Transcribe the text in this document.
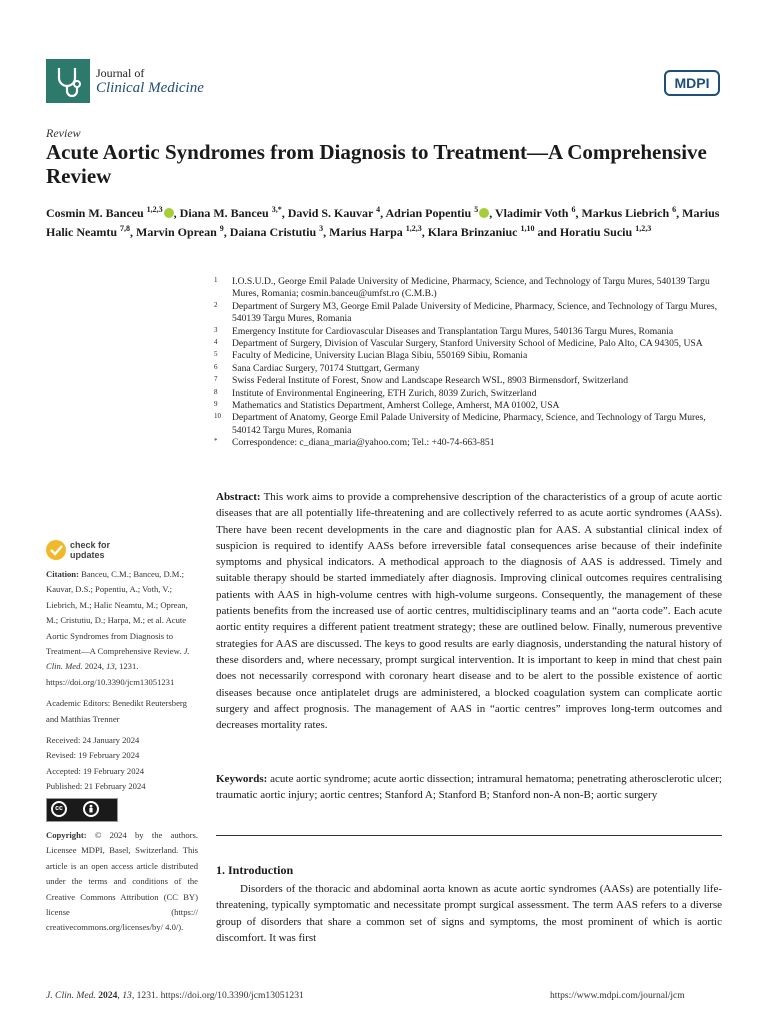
Journal of
Clinical Medicine	MDPI
Review
Acute Aortic Syndromes from Diagnosis to Treatment—A Comprehensive Review
Cosmin M. Banceu $^{1,2,3}$ , Diana M. Banceu $^{3,*}$, David S. Kauvar $^4$, Adrian Popentiu $^5$ , Vladimir Voth $^6$, Markus Liebrich $^6$, Marius Halic Neamtu $^{7,8}$, Marvin Oprean $^9$, Daiana Cristutiu $^3$, Marius Harpa $^{1,2,3}$, Klara Brinzaniuc $^{1,10}$ and Horatiu Suciu $^{1,2,3}$
1 I.O.S.U.D., George Emil Palade University of Medicine, Pharmacy, Science, and Technology of Targu Mures, 540139 Targu Mures, Romania; cosmin.banceu@umfst.ro (C.M.B.)
2 Department of Surgery M3, George Emil Palade University of Medicine, Pharmacy, Science, and Technology of Targu Mures, 540139 Targu Mures, Romania
3 Emergency Institute for Cardiovascular Diseases and Transplantation Targu Mures, 540136 Targu Mures, Romania
4 Department of Surgery, Division of Vascular Surgery, Stanford University School of Medicine, Palo Alto, CA 94305, USA
5 Faculty of Medicine, University Lucian Blaga Sibiu, 550169 Sibiu, Romania
6 Sana Cardiac Surgery, 70174 Stuttgart, Germany
7 Swiss Federal Institute of Forest, Snow and Landscape Research WSL, 8903 Birmensdorf, Switzerland
8 Institute of Environmental Engineering, ETH Zurich, 8039 Zurich, Switzerland
9 Mathematics and Statistics Department, Amherst College, Amherst, MA 01002, USA
10 Department of Anatomy, George Emil Palade University of Medicine, Pharmacy, Science, and Technology of Targu Mures, 540142 Targu Mures, Romania
* Correspondence: c_diana_maria@yahoo.com; Tel.: +40-74-663-851
check for
updates
Citation: Banceu, C.M.; Banceu, D.M.; Kauvar, D.S.; Popentiu, A.; Voth, V.; Liebrich, M.; Halic Neamtu, M.; Oprean, M.; Cristutiu, D.; Harpa, M.; et al. Acute Aortic Syndromes from Diagnosis to Treatment—A Comprehensive Review. J. Clin. Med. 2024, 13, 1231. https://doi.org/10.3390/jcm13051231
Academic Editors: Benedikt Reutersberg and Matthias Trenner
Received: 24 January 2024
Revised: 19 February 2024
Accepted: 19 February 2024
Published: 21 February 2024
cc
Copyright: © 2024 by the authors. Licensee MDPI, Basel, Switzerland. This article is an open access article distributed under the terms and conditions of the Creative Commons Attribution (CC BY) license (https:// creativecommons.org/licenses/by/ 4.0/).
Abstract: This work aims to provide a comprehensive description of the characteristics of a group of acute aortic diseases that are all potentially life-threatening and are collectively referred to as acute aortic syndromes (AASs). There have been recent developments in the care and diagnostic plan for AAS. A substantial clinical index of suspicion is required to identify AASs before irreversible fatal consequences arise because of their indefinite symptoms and physical indicators. A methodical approach to the diagnosis of AAS is addressed. Timely and suitable therapy should be started immediately after diagnosis. Improving clinical outcomes requires centralising patients with AAS in high-volume centres with high-volume surgeons. Consequently, the management of these patients benefits from the increased use of aortic centres, multidisciplinary teams and an “aorta code”. Each acute aortic entity requires a different patient treatment strategy; these are outlined below. Finally, numerous preventive strategies for AAS are discussed. The keys to good results are early diagnosis, understanding the natural history of these disorders and, where necessary, prompt surgical intervention. It is important to keep in mind that chest pain does not necessarily correspond with coronary heart disease and to be alert to the possible existence of aortic diseases because once antiplatelet drugs are administered, a blocked coagulation system can complicate aortic surgery and affect prognosis. The management of AAS in “aortic centres” improves long-term outcomes and decreases mortality rates.
Keywords: acute aortic syndrome; acute aortic dissection; intramural hematoma; penetrating atherosclerotic ulcer; traumatic aortic injury; aortic centres; Stanford A; Stanford B; Stanford non-A non-B; aortic surgery
1. Introduction
Disorders of the thoracic and abdominal aorta known as acute aortic syndromes (AASs) are potentially life-threatening, typically symptomatic and necessitate prompt surgical assessment. The term AAS refers to a diverse group of disorders that share a common set of signs and symptoms, the most prominent of which is aortic discomfort. It was first
J. Clin. Med. 2024, 13, 1231. https://doi.org/10.3390/jcm13051231	https://www.mdpi.com/journal/jcm
